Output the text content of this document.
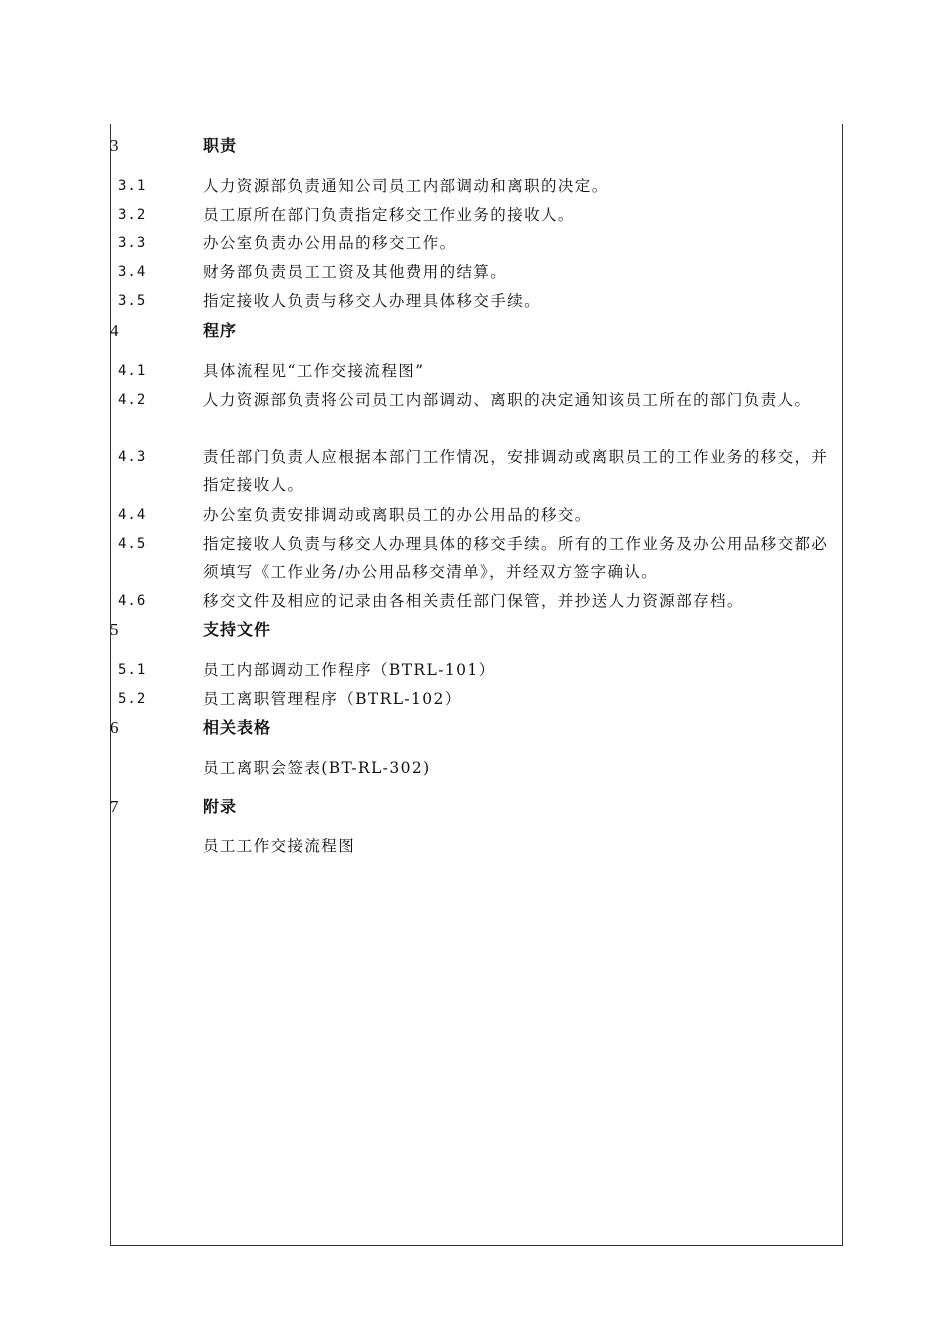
3	职责
3.1	人力资源部负责通知公司员工内部调动和离职的决定。
3.2	员工原所在部门负责指定移交工作业务的接收人。
3.3	办公室负责办公用品的移交工作。
3.4	财务部负责员工工资及其他费用的结算。
3.5	指定接收人负责与移交人办理具体移交手续。
4	程序
4.1	具体流程见“工作交接流程图”
4.2	人力资源部负责将公司员工内部调动、离职的决定通知该员工所在的部门负责人。
4.3	责任部门负责人应根据本部门工作情况，安排调动或离职员工的工作业务的移交，并指定接收人。
4.4	办公室负责安排调动或离职员工的办公用品的移交。
4.5	指定接收人负责与移交人办理具体的移交手续。所有的工作业务及办公用品移交都必须填写《工作业务/办公用品移交清单》，并经双方签字确认。
4.6	移交文件及相应的记录由各相关责任部门保管，并抄送人力资源部存档。
5	支持文件
5.1	员工内部调动工作程序（BTRL-101）
5.2	员工离职管理程序（BTRL-102）
6	相关表格
员工离职会签表(BT-RL-302)
7	附录
员工工作交接流程图
